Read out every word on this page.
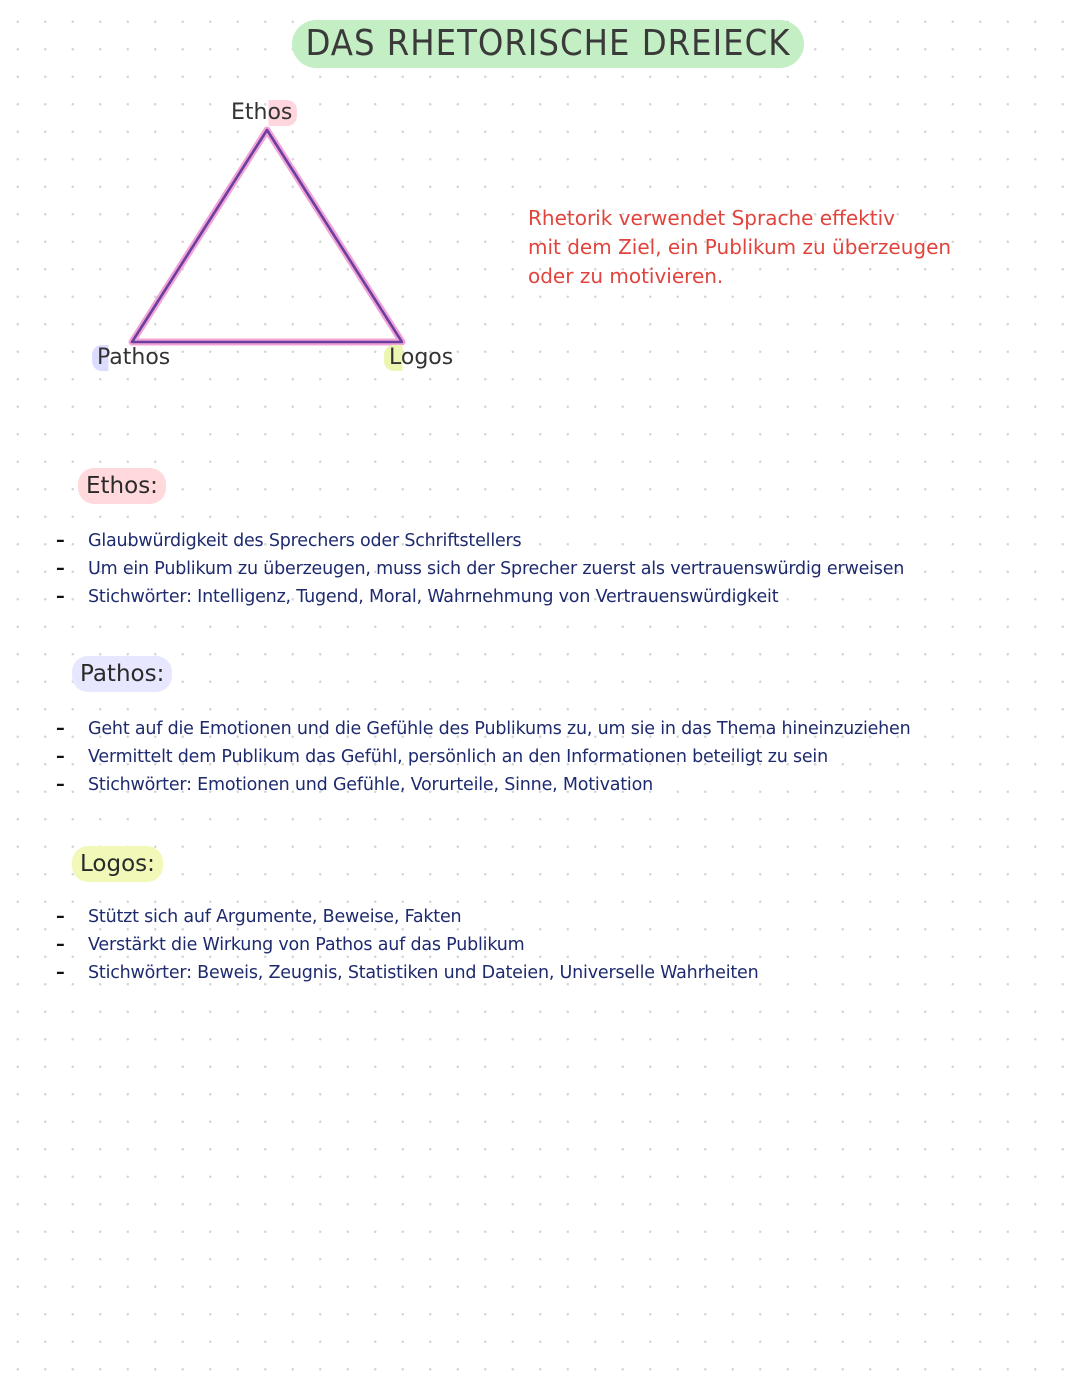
DAS RHETORISCHE DREIECK
Ethos
Pathos	Logos
Rhetorik verwendet Sprache effektiv
mit dem Ziel, ein Publikum zu überzeugen
oder zu motivieren.
Ethos:
– Glaubwürdigkeit des Sprechers oder Schriftstellers
– Um ein Publikum zu überzeugen, muss sich der Sprecher zuerst als vertrauenswürdig erweisen
– Stichwörter: Intelligenz, Tugend, Moral, Wahrnehmung von Vertrauenswürdigkeit
Pathos:
– Geht auf die Emotionen und die Gefühle des Publikums zu, um sie in das Thema hineinzuziehen
– Vermittelt dem Publikum das Gefühl, persönlich an den Informationen beteiligt zu sein
– Stichwörter: Emotionen und Gefühle, Vorurteile, Sinne, Motivation
Logos:
– Stützt sich auf Argumente, Beweise, Fakten
– Verstärkt die Wirkung von Pathos auf das Publikum
– Stichwörter: Beweis, Zeugnis, Statistiken und Dateien, Universelle Wahrheiten
